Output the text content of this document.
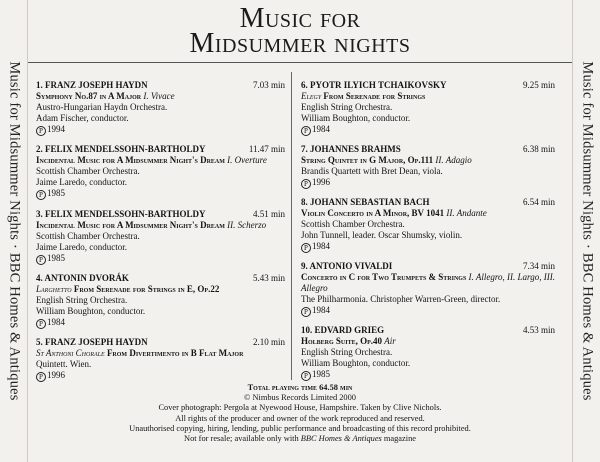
Music for Midsummer Nights · BBC Homes & Antiques	Music for Midsummer Nights · BBC Homes & Antiques
Music for
Midsummer nights
1. FRANZ JOSEPH HAYDN	7.03 min
Symphony No.87 in A Major I. Vivace
Austro-Hungarian Haydn Orchestra.
Adam Fischer, conductor.
P 1994
2. FELIX MENDELSSOHN-BARTHOLDY	11.47 min
Incidental Music for A Midsummer Night's Dream I. Overture
Scottish Chamber Orchestra.
Jaime Laredo, conductor.
P 1985
3. FELIX MENDELSSOHN-BARTHOLDY	4.51 min
Incidental Music for A Midsummer Night's Dream II. Scherzo
Scottish Chamber Orchestra.
Jaime Laredo, conductor.
P 1985
4. ANTONIN DVORÁK	5.43 min
Larghetto From Serenade for Strings in E, Op.22
English String Orchestra.
William Boughton, conductor.
P 1984
5. FRANZ JOSEPH HAYDN	2.10 min
St Anthoni Chorale From Divertimento in B Flat Major
Quintett. Wien.
P 1996
6. PYOTR ILYICH TCHAIKOVSKY	9.25 min
Elegy From Serenade for Strings
English String Orchestra.
William Boughton, conductor.
P 1984
7. JOHANNES BRAHMS	6.38 min
String Quintet in G Major, Op.111 II. Adagio
Brandis Quartett with Bret Dean, viola.
P 1996
8. JOHANN SEBASTIAN BACH	6.54 min
Violin Concerto in A Minor, BV 1041 II. Andante
Scottish Chamber Orchestra.
John Tunnell, leader. Oscar Shumsky, violin.
P 1984
9. ANTONIO VIVALDI	7.34 min
Concerto in C for Two Trumpets & Strings I. Allegro, II. Largo, III. Allegro
The Philharmonia. Christopher Warren-Green, director.
P 1984
10. EDVARD GRIEG	4.53 min
Holberg Suite, Op.40 Air
English String Orchestra.
William Boughton, conductor.
P 1985
Total playing time 64.58 min
© Nimbus Records Limited 2000
Cover photograph: Pergola at Nyewood House, Hampshire. Taken by Clive Nichols.
All rights of the producer and owner of the work reproduced and reserved.
Unauthorised copying, hiring, lending, public performance and broadcasting of this record prohibited.
Not for resale; available only with BBC Homes & Antiques magazine
